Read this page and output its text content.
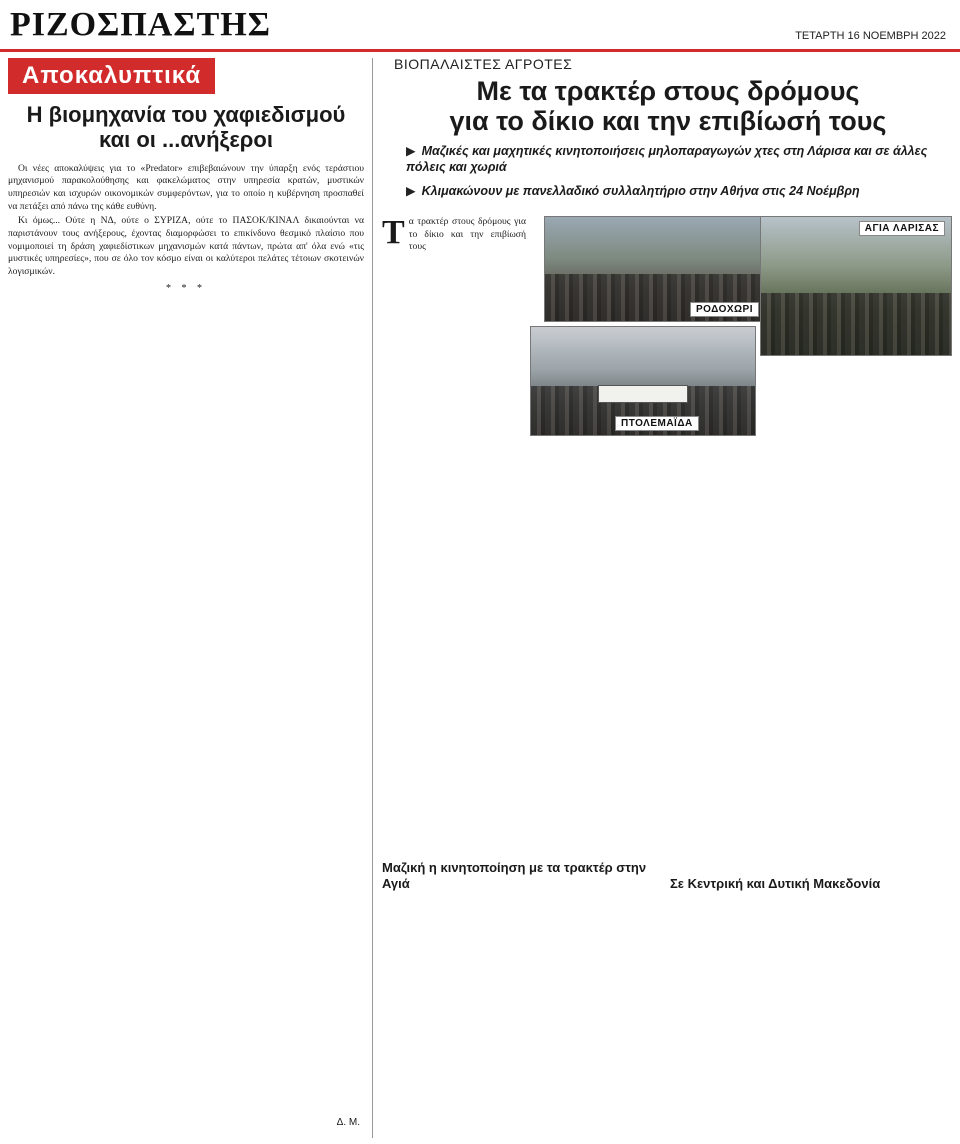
ΡΙΖΟΣΠΑΣΤΗΣ	ΤΕΤΑΡΤΗ 16 ΝΟΕΜΒΡΗ 2022
Αποκαλυπτικά
Η βιομηχανία του χαφιεδισμού και οι ...ανήξεροι

Οι νέες αποκαλύψεις για το «Predator» επιβεβαιώνουν την ύπαρξη ενός τεράστιου μηχανισμού παρακολούθησης και φακελώματος στην υπηρεσία κρατών, μυστικών υπηρεσιών και ισχυρών οικονομικών συμφερόντων, για το οποίο η κυβέρνηση προσπαθεί να πετάξει από πάνω της κάθε ευθύνη.

Κι όμως... Ούτε η ΝΔ, ούτε ο ΣΥΡΙΖΑ, ούτε το ΠΑΣΟΚ/ΚΙΝΑΛ δικαιούνται να παριστάνουν τους ανήξερους, έχοντας διαμορφώσει το επικίνδυνο θεσμικό πλαίσιο που νομιμοποιεί τη δράση χαφιεδίστικων μηχανισμών κατά πάντων, πρώτα απ' όλα ενώ «τις μυστικές υπηρεσίες», που σε όλο τον κόσμο είναι οι καλύτεροι πελάτες τέτοιων σκοτεινών λογισμικών.

* * *
Δ. Μ.
ΒΙΟΠΑΛΑΙΣΤΕΣ ΑΓΡΟΤΕΣ
Με τα τρακτέρ στους δρόμους
για το δίκιο και την επιβίωσή τους
▶ Μαζικές και μαχητικές κινητοποιήσεις μηλοπαραγωγών χτες στη Λάρισα και σε άλλες πόλεις και χωριά
▶ Κλιμακώνουν με πανελλαδικό συλλαλητήριο στην Αθήνα στις 24 Νοέμβρη
ΡΟΔΟΧΩΡΙ
ΑΓΙΑ ΛΑΡΙΣΑΣ
ΠΤΟΛΕΜΑΪΔΑ
Τ α τρακτέρ στους δρόμους για το δίκιο και την επιβίωσή τους
Μαζική η κινητοποίηση με τα τρακτέρ στην Αγιά	Σε Κεντρική και Δυτική Μακεδονία
